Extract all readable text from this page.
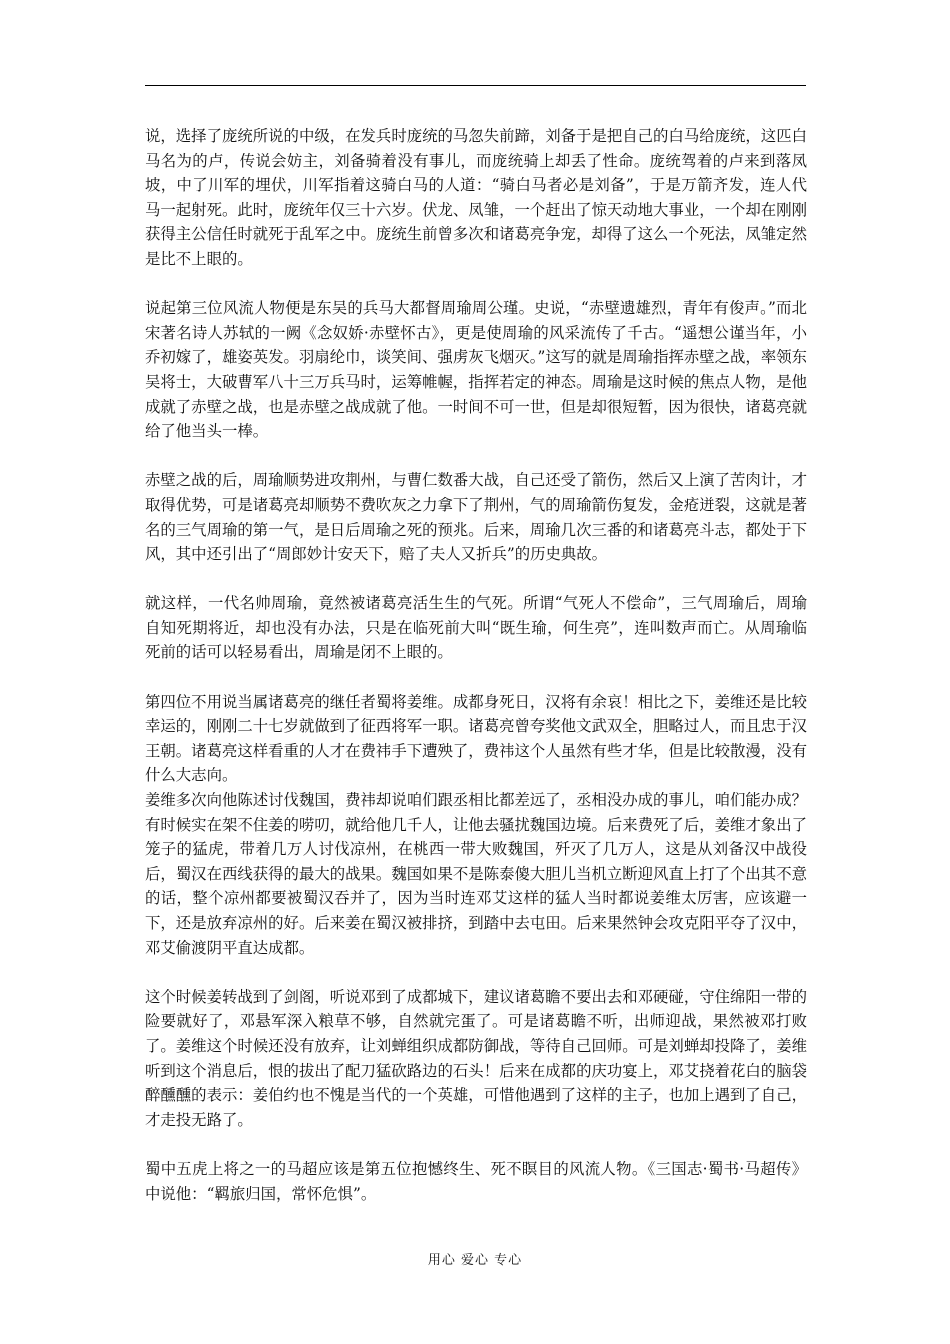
说，选择了庞统所说的中级，在发兵时庞统的马忽失前蹄，刘备于是把自己的白马给庞统，这匹白马名为的卢，传说会妨主，刘备骑着没有事儿，而庞统骑上却丢了性命。庞统驾着的卢来到落凤坡，中了川军的埋伏，川军指着这骑白马的人道：“骑白马者必是刘备”，于是万箭齐发，连人代马一起射死。此时，庞统年仅三十六岁。伏龙、凤雏，一个赶出了惊天动地大事业，一个却在刚刚获得主公信任时就死于乱军之中。庞统生前曾多次和诸葛亮争宠，却得了这么一个死法，凤雏定然是比不上眼的。

说起第三位风流人物便是东吴的兵马大都督周瑜周公瑾。史说，“赤壁遗雄烈，青年有俊声。”而北宋著名诗人苏轼的一阙《念奴娇·赤壁怀古》，更是使周瑜的风采流传了千古。“遥想公谨当年，小乔初嫁了，雄姿英发。羽扇纶巾，谈笑间、强虏灰飞烟灭。”这写的就是周瑜指挥赤壁之战，率领东吴将士，大破曹军八十三万兵马时，运筹帷幄，指挥若定的神态。周瑜是这时候的焦点人物，是他成就了赤壁之战，也是赤壁之战成就了他。一时间不可一世，但是却很短暂，因为很快，诸葛亮就给了他当头一棒。

赤壁之战的后，周瑜顺势进攻荆州，与曹仁数番大战，自己还受了箭伤，然后又上演了苦肉计，才取得优势，可是诸葛亮却顺势不费吹灰之力拿下了荆州，气的周瑜箭伤复发，金疮迸裂，这就是著名的三气周瑜的第一气，是日后周瑜之死的预兆。后来，周瑜几次三番的和诸葛亮斗志，都处于下风，其中还引出了“周郎妙计安天下，赔了夫人又折兵”的历史典故。

就这样，一代名帅周瑜，竟然被诸葛亮活生生的气死。所谓“气死人不偿命”，三气周瑜后，周瑜自知死期将近，却也没有办法，只是在临死前大叫“既生瑜，何生亮”，连叫数声而亡。从周瑜临死前的话可以轻易看出，周瑜是闭不上眼的。

第四位不用说当属诸葛亮的继任者蜀将姜维。成都身死日，汉将有余哀！相比之下，姜维还是比较幸运的，刚刚二十七岁就做到了征西将军一职。诸葛亮曾夸奖他文武双全，胆略过人，而且忠于汉王朝。诸葛亮这样看重的人才在费祎手下遭殃了，费祎这个人虽然有些才华，但是比较散漫，没有什么大志向。

姜维多次向他陈述讨伐魏国，费祎却说咱们跟丞相比都差远了，丞相没办成的事儿，咱们能办成？有时候实在架不住姜的唠叨，就给他几千人，让他去骚扰魏国边境。后来费死了后，姜维才象出了笼子的猛虎，带着几万人讨伐凉州，在桃西一带大败魏国，歼灭了几万人，这是从刘备汉中战役后，蜀汉在西线获得的最大的战果。魏国如果不是陈泰傻大胆儿当机立断迎风直上打了个出其不意的话，整个凉州都要被蜀汉吞并了，因为当时连邓艾这样的猛人当时都说姜维太厉害，应该避一下，还是放弃凉州的好。后来姜在蜀汉被排挤，到踏中去屯田。后来果然钟会攻克阳平夺了汉中，邓艾偷渡阴平直达成都。

这个时候姜转战到了剑阁，听说邓到了成都城下，建议诸葛瞻不要出去和邓硬碰，守住绵阳一带的险要就好了，邓悬军深入粮草不够，自然就完蛋了。可是诸葛瞻不听，出师迎战，果然被邓打败了。姜维这个时候还没有放弃，让刘蝉组织成都防御战，等待自己回师。可是刘蝉却投降了，姜维听到这个消息后，恨的拔出了配刀猛砍路边的石头！后来在成都的庆功宴上，邓艾挠着花白的脑袋醉醺醺的表示：姜伯约也不愧是当代的一个英雄，可惜他遇到了这样的主子，也加上遇到了自己，才走投无路了。

蜀中五虎上将之一的马超应该是第五位抱憾终生、死不瞑目的风流人物。《三国志·蜀书·马超传》中说他：“羁旅归国，常怀危惧”。

用心 爱心 专心
